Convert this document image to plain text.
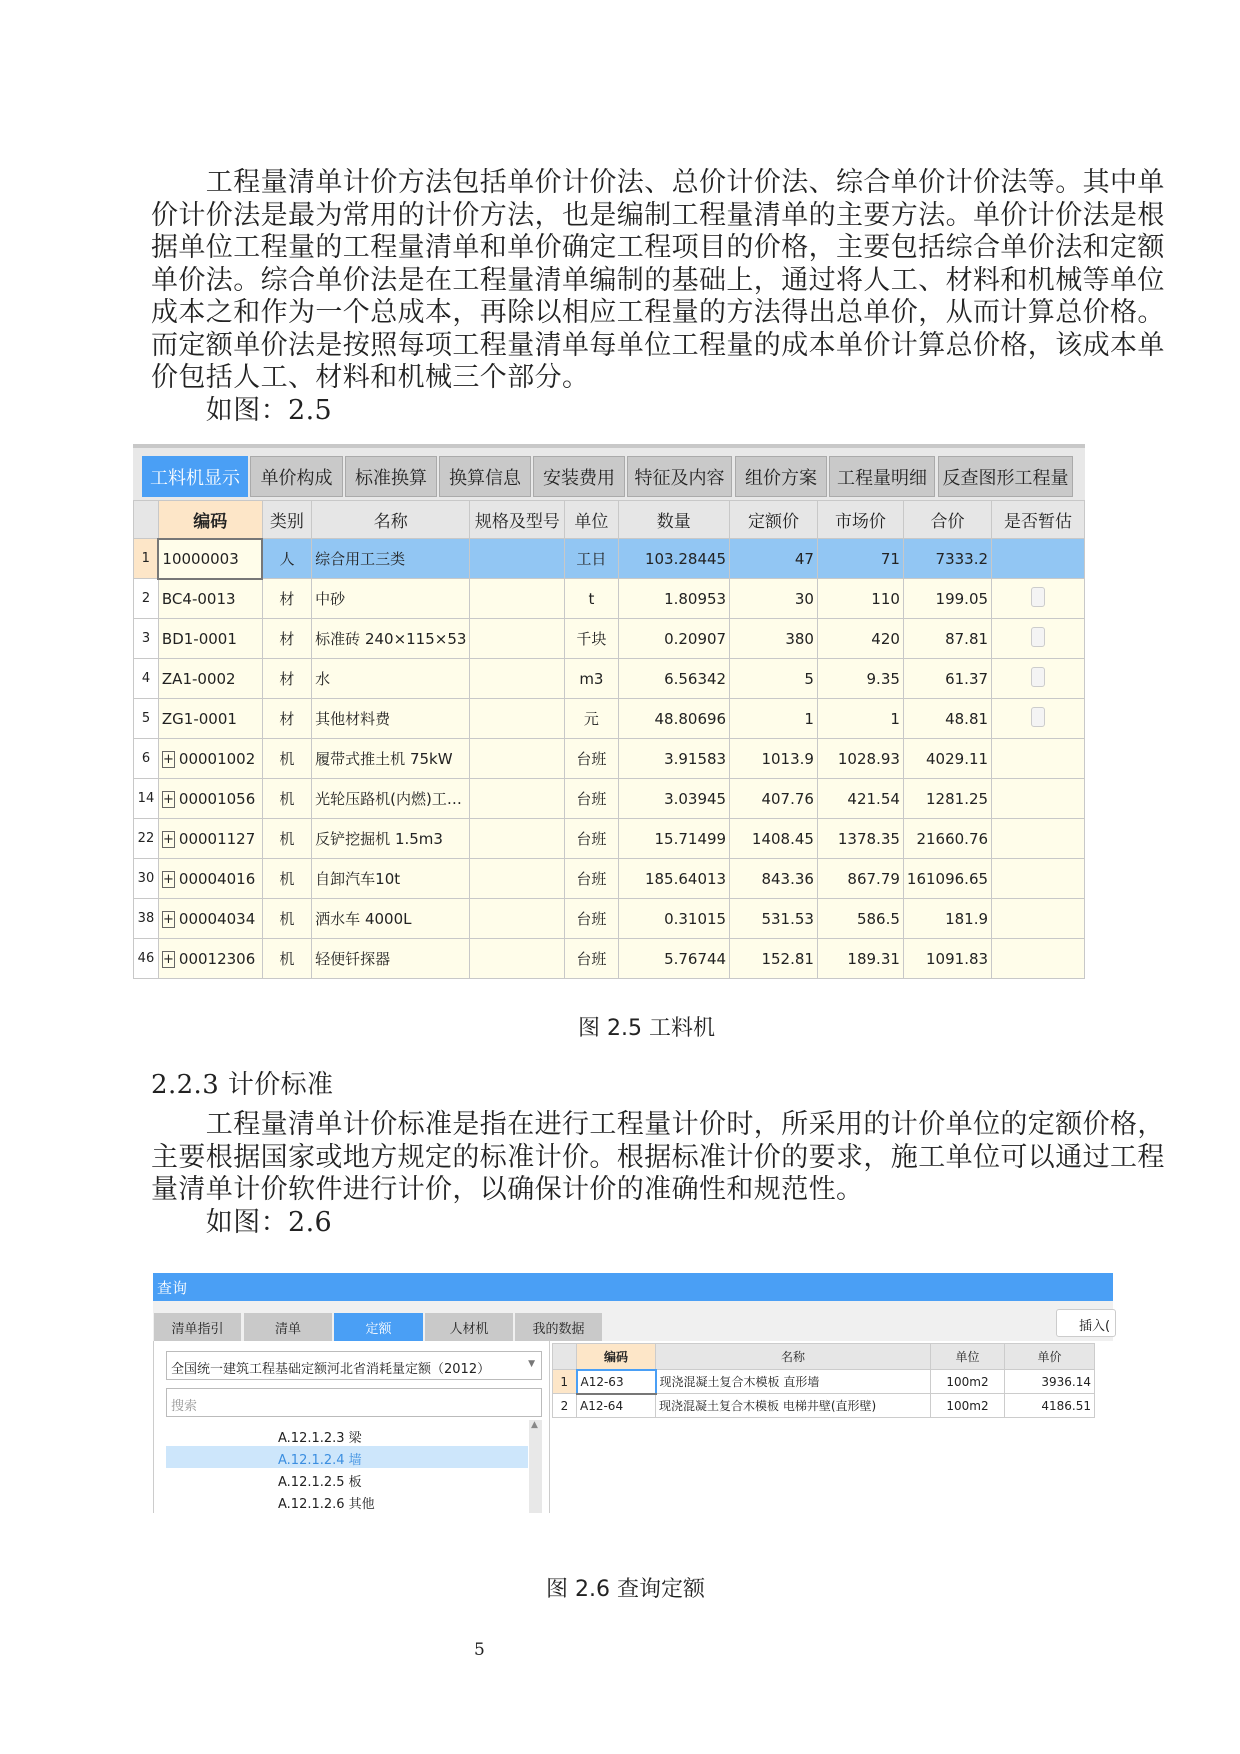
　　工程量清单计价方法包括单价计价法、总价计价法、综合单价计价法等。其中单
价计价法是最为常用的计价方法，也是编制工程量清单的主要方法。单价计价法是根
据单位工程量的工程量清单和单价确定工程项目的价格，主要包括综合单价法和定额
单价法。综合单价法是在工程量清单编制的基础上，通过将人工、材料和机械等单位
成本之和作为一个总成本，再除以相应工程量的方法得出总单价，从而计算总价格。
而定额单价法是按照每项工程量清单每单位工程量的成本单价计算总价格，该成本单
价包括人工、材料和机械三个部分。
　　如图：2.5
工料机显示	单价构成	标准换算	换算信息	安装费用	特征及内容	组价方案	工程量明细 反查图形工程量
	编码	类别	名称	规格及型号	单位	数量	定额价	市场价	合价	是否暂估
1	10000003	人	综合用工三类		工日	103.28445	47	71	7333.2	
2	BC4-0013	材	中砂		t	1.80953	30	110	199.05	
3	BD1-0001	材	标准砖 240×115×53		千块	0.20907	380	420	87.81	
4	ZA1-0002	材	水		m3	6.56342	5	9.35	61.37	
5	ZG1-0001	材	其他材料费		元	48.80696	1	1	48.81	
6	+ 00001002	机	履带式推土机 75kW		台班	3.91583	1013.9	1028.93	4029.11	
14	+ 00001056	机	光轮压路机(内燃)工…		台班	3.03945	407.76	421.54	1281.25	
22	+ 00001127	机	反铲挖掘机 1.5m3		台班	15.71499	1408.45	1378.35	21660.76	
30	+ 00004016	机	自卸汽车10t		台班	185.64013	843.36	867.79	161096.65	
38	+ 00004034	机	洒水车 4000L		台班	0.31015	531.53	586.5	181.9	
46	+ 00012306	机	轻便钎探器		台班	5.76744	152.81	189.31	1091.83	
图 2.5 工料机
2.2.3 计价标准
　　工程量清单计价标准是指在进行工程量计价时，所采用的计价单位的定额价格，
主要根据国家或地方规定的标准计价。根据标准计价的要求，施工单位可以通过工程
量清单计价软件进行计价，以确保计价的准确性和规范性。
　　如图：2.6
查询
清单指引	清单	定额	人材机	我的数据	插入(
全国统一建筑工程基础定额河北省消耗量定额（2012）	▼
搜索
A.12.1.2.3 梁
A.12.1.2.4 墙
A.12.1.2.5 板
A.12.1.2.6 其他
▲
	编码	名称	单位	单价
1	A12-63	现浇混凝土复合木模板 直形墙	100m2	3936.14
2	A12-64	现浇混凝土复合木模板 电梯井壁(直形壁)	100m2	4186.51
图 2.6 查询定额
5
